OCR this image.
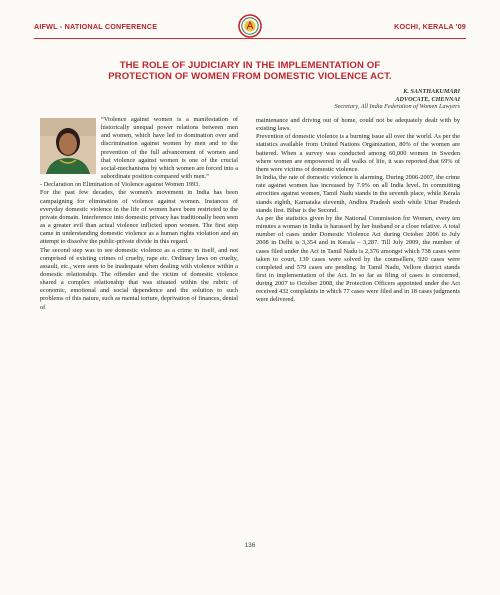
AIFWL - NATIONAL CONFERENCE	KOCHI, KERALA '09
THE ROLE OF JUDICIARY IN THE IMPLEMENTATION OF
PROTECTION OF WOMEN FROM DOMESTIC VIOLENCE ACT.
K. SANTHAKUMARI
ADVOCATE, CHENNAI
Secretary, All India Federation of Women Lawyers

“Violence against women is a manifestation of historically unequal power relations between men and women, which have led to domination over and discrimination against women by men and to the prevention of the full advancement of women and that violence against women is one of the crucial social-mechanisms by which women are forced into a subordinate position compared with men.”

- Declaration on Elimination of Violence against Women 1993.

For the past few decades, the women's movement in India has been campaigning for elimination of violence against women. Instances of everyday domestic violence in the life of women have been restricted to the private domain. Interference into domestic privacy has traditionally been seen as a greater evil than actual violence inflicted upon women. The first step came in understanding domestic violence as a human rights violation and an attempt to dissolve the public-private divide in this regard.

The second step was to see domestic violence as a crime in itself, and not comprised of existing crimes of cruelty, rape etc. Ordinary laws on cruelty, assault, etc., were seen to be inadequate when dealing with violence within a domestic relationship. The offender and the victim of domestic violence shared a complex relationship that was situated within the rubric of economic, emotional and social dependence and the solution to such problems of this nature, such as mental torture, deprivation of finances, denial of

maintenance and driving out of home, could not be adequately dealt with by existing laws.

Prevention of domestic violence is a burning issue all over the world. As per the statistics available from United Nations Organization, 80% of the women are battered. When a survey was conducted among 60,000 women in Sweden where women are empowered in all walks of life, it was reported that 69% of them were victims of domestic violence.

In India, the rate of domestic violence is alarming. During 2006-2007, the crime rate against women has increased by 7.9% on all India level. In committing atrocities against women, Tamil Nadu stands in the seventh place, while Kerala stands eighth, Karnataka eleventh, Andhra Pradesh sixth while Uttar Pradesh stands first. Bihar is the Second.

As per the statistics given by the National Commission for Women, every ten minutes a woman in India is harassed by her husband or a close relative. A total number of cases under Domestic Violence Act during October 2006 to July 2008 in Delhi is 3,354 and in Kerala – 3,287. Till July 2009, the number of cases filed under the Act in Tamil Nadu is 2,376 amongst which 738 cases were taken to court, 139 cases were solved by the counsellers, 920 cases were completed and 579 cases are pending. In Tamil Nadu, Vellore district stands first in implementation of the Act. In so far as filing of cases is concerned, during 2007 to October 2008, the Protection Officers appointed under the Act received 432 complaints in which 77 cases were filed and in 18 cases judgments were delivered.

136
